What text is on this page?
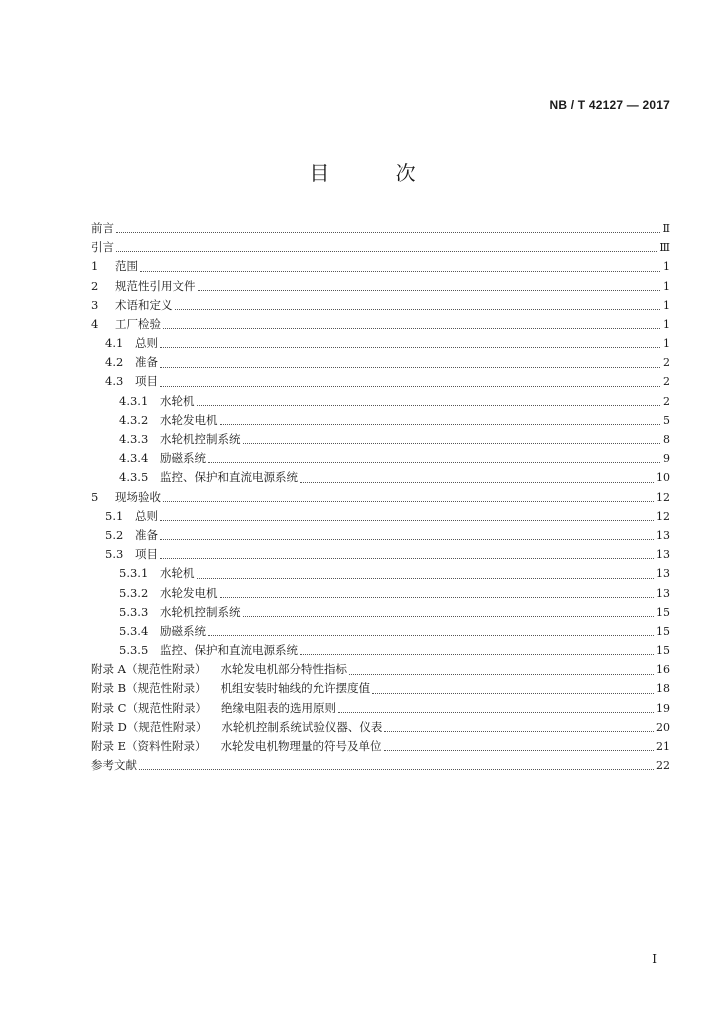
NB / T 42127 — 2017
目 次
前言	Ⅱ
引言	Ⅲ
1	范围	1
2	规范性引用文件	1
3	术语和定义	1
4	工厂检验	1
4.1	总则	1
4.2	准备	2
4.3	项目	2
4.3.1	水轮机	2
4.3.2	水轮发电机	5
4.3.3	水轮机控制系统	8
4.3.4	励磁系统	9
4.3.5	监控、保护和直流电源系统	10
5	现场验收	12
5.1	总则	12
5.2	准备	13
5.3	项目	13
5.3.1	水轮机	13
5.3.2	水轮发电机	13
5.3.3	水轮机控制系统	15
5.3.4	励磁系统	15
5.3.5	监控、保护和直流电源系统	15
附录 A（规范性附录） 水轮发电机部分特性指标	16
附录 B（规范性附录） 机组安装时轴线的允许摆度值	18
附录 C（规范性附录） 绝缘电阻表的选用原则	19
附录 D（规范性附录） 水轮机控制系统试验仪器、仪表	20
附录 E（资料性附录） 水轮发电机物理量的符号及单位	21
参考文献	22
I
